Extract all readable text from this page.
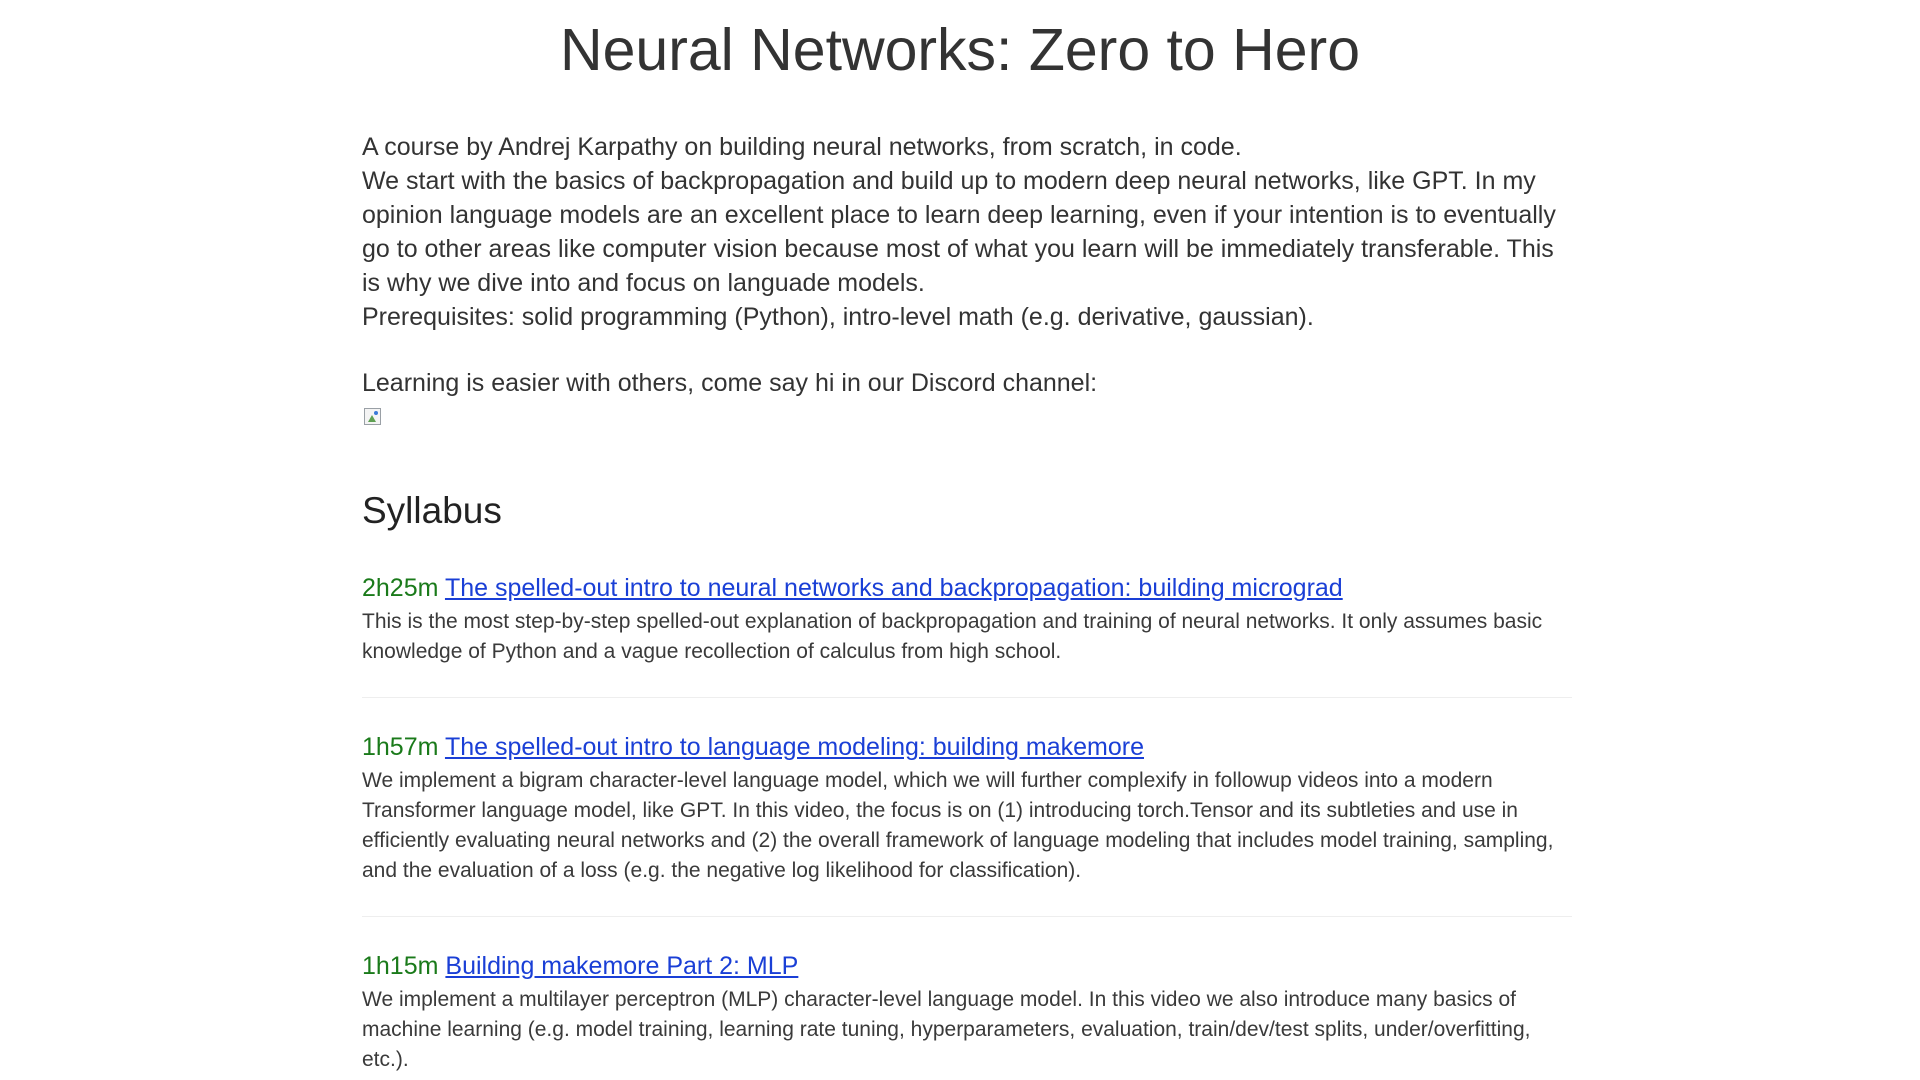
Neural Networks: Zero to Hero

A course by Andrej Karpathy on building neural networks, from scratch, in code.

We start with the basics of backpropagation and build up to modern deep neural networks, like GPT. In my opinion language models are an excellent place to learn deep learning, even if your intention is to eventually go to other areas like computer vision because most of what you learn will be immediately transferable. This is why we dive into and focus on languade models.

Prerequisites: solid programming (Python), intro-level math (e.g. derivative, gaussian).

Learning is easier with others, come say hi in our Discord channel:

Syllabus
2h25m The spelled-out intro to neural networks and backpropagation: building micrograd

This is the most step-by-step spelled-out explanation of backpropagation and training of neural networks. It only assumes basic knowledge of Python and a vague recollection of calculus from high school.

1h57m The spelled-out intro to language modeling: building makemore

We implement a bigram character-level language model, which we will further complexify in followup videos into a modern Transformer language model, like GPT. In this video, the focus is on (1) introducing torch.Tensor and its subtleties and use in efficiently evaluating neural networks and (2) the overall framework of language modeling that includes model training, sampling, and the evaluation of a loss (e.g. the negative log likelihood for classification).

1h15m Building makemore Part 2: MLP

We implement a multilayer perceptron (MLP) character-level language model. In this video we also introduce many basics of machine learning (e.g. model training, learning rate tuning, hyperparameters, evaluation, train/dev/test splits, under/overfitting, etc.).
